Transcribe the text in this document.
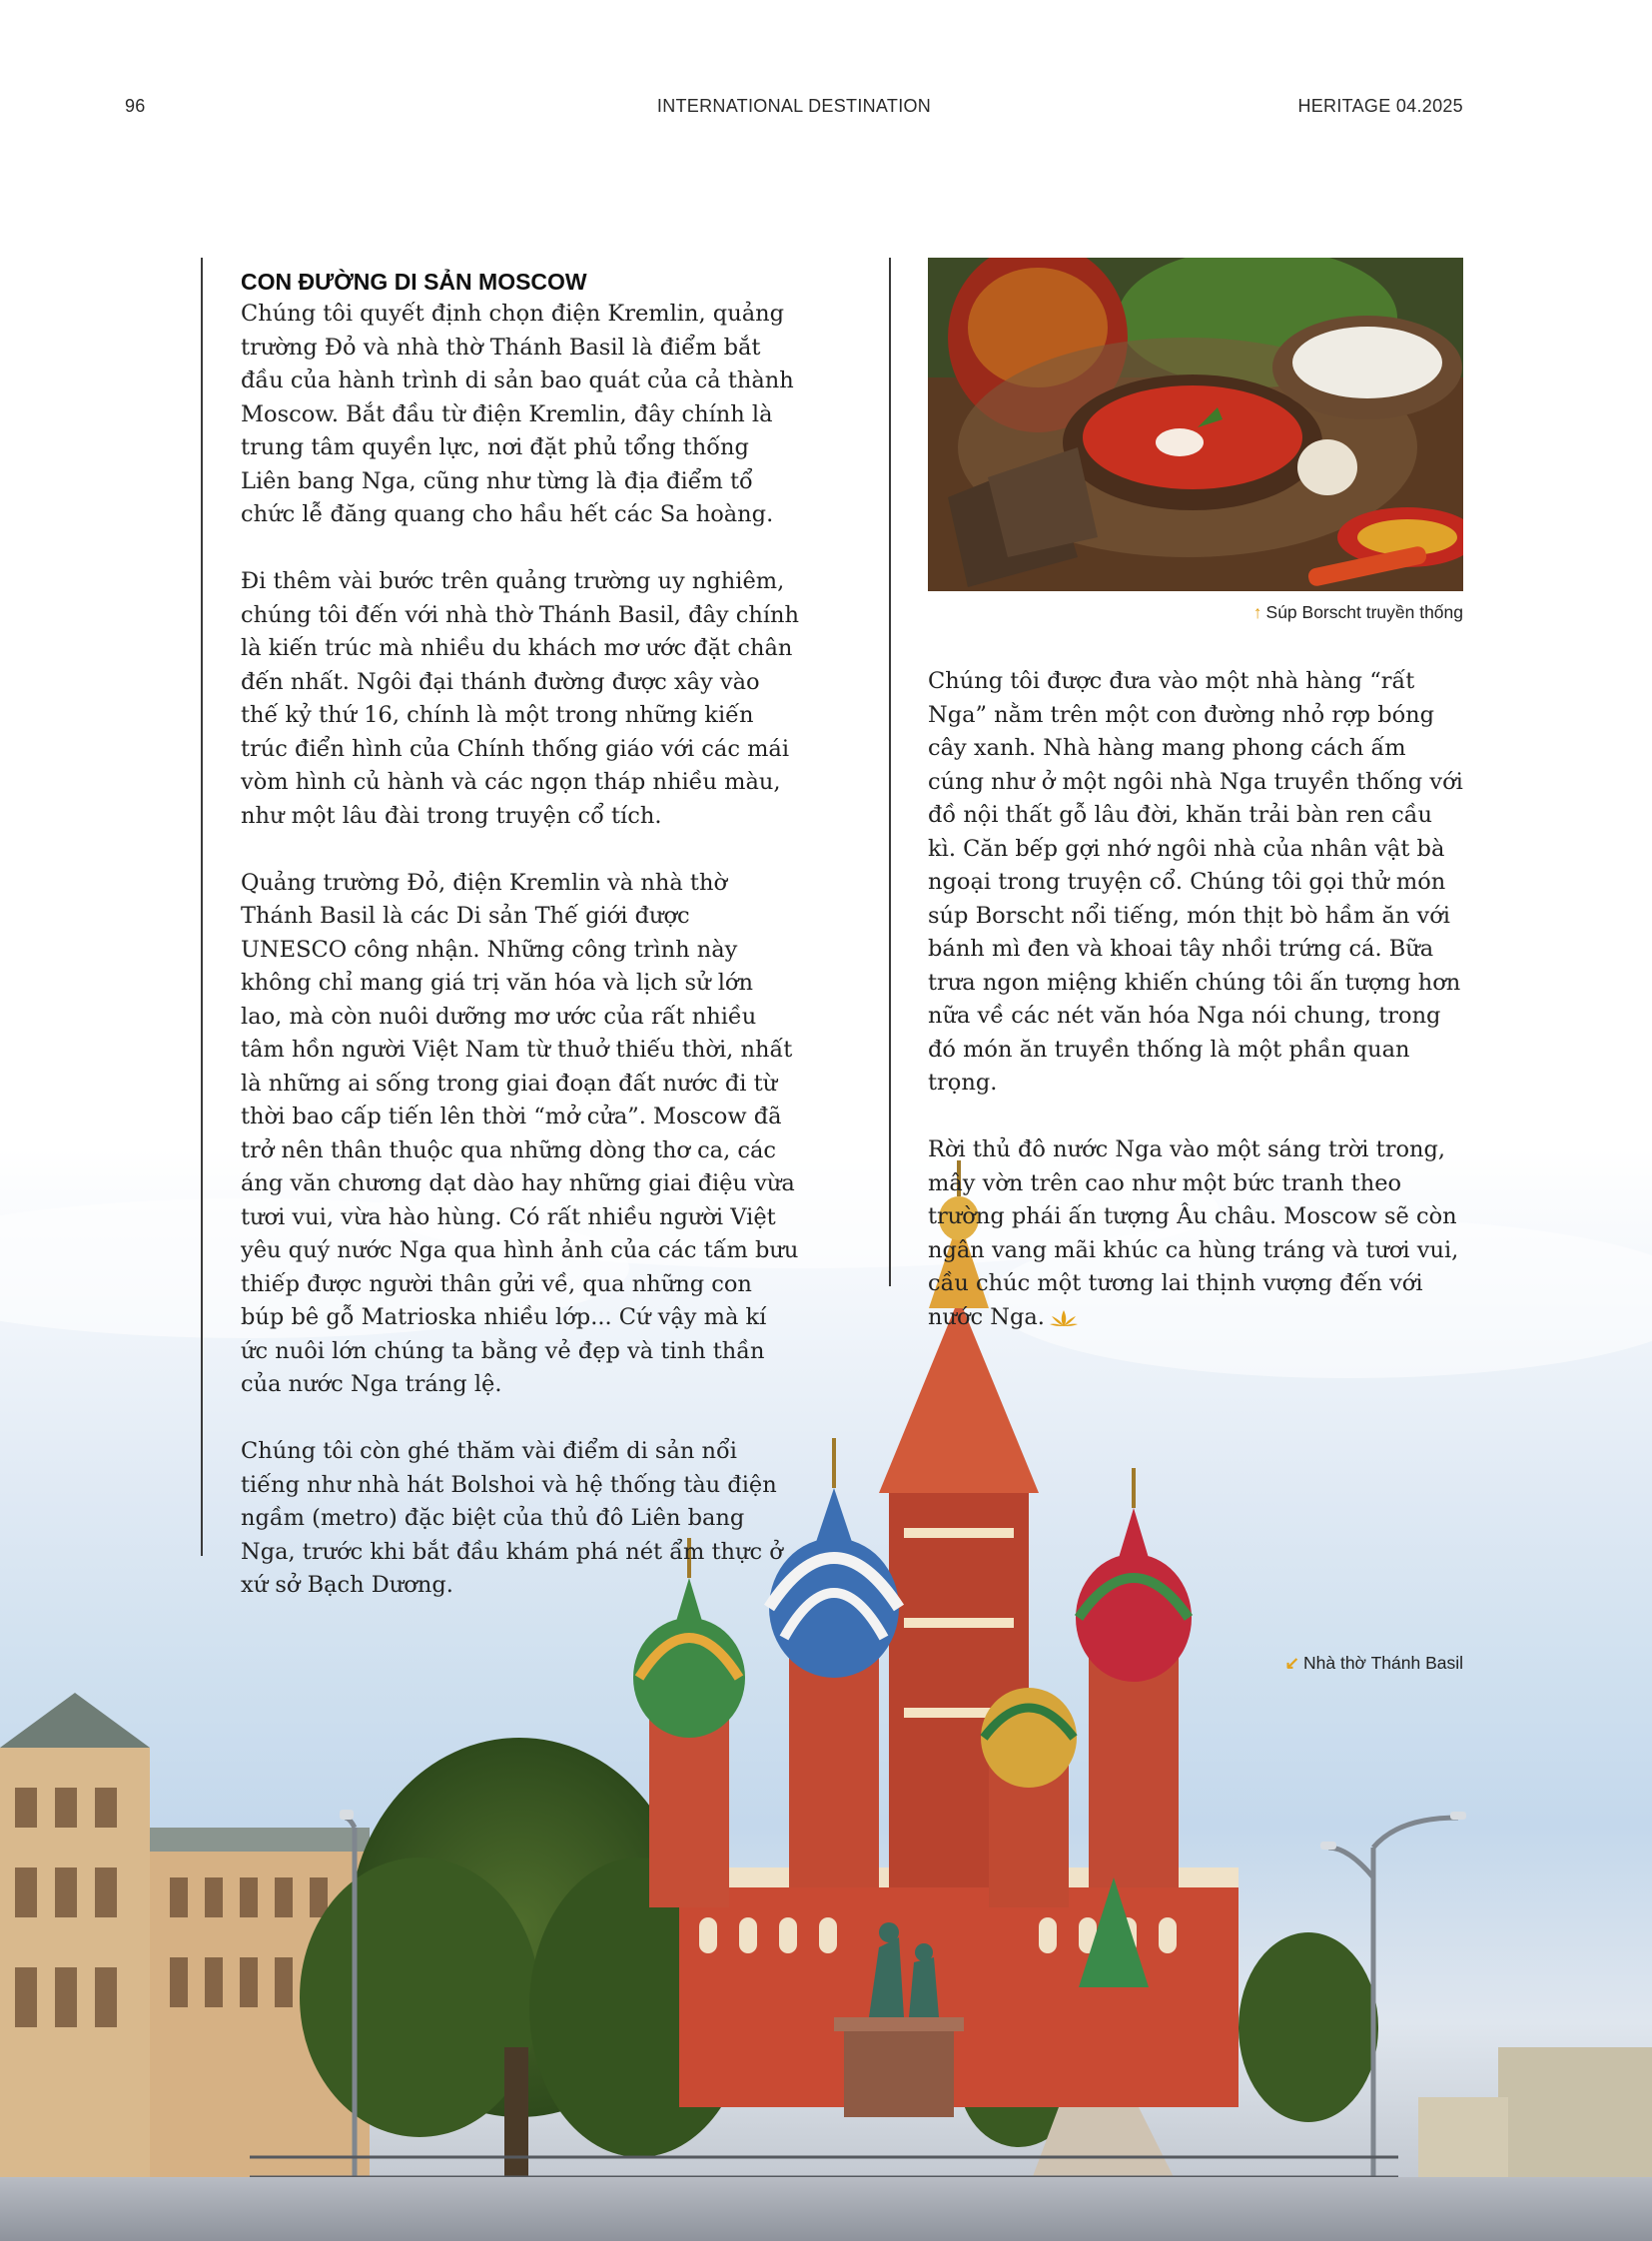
96	INTERNATIONAL DESTINATION	HERITAGE 04.2025
CON ĐƯỜNG DI SẢN MOSCOW

Chúng tôi quyết định chọn điện Kremlin, quảng trường Đỏ và nhà thờ Thánh Basil là điểm bắt đầu của hành trình di sản bao quát của cả thành Moscow. Bắt đầu từ điện Kremlin, đây chính là trung tâm quyền lực, nơi đặt phủ tổng thống Liên bang Nga, cũng như từng là địa điểm tổ chức lễ đăng quang cho hầu hết các Sa hoàng.

Đi thêm vài bước trên quảng trường uy nghiêm, chúng tôi đến với nhà thờ Thánh Basil, đây chính là kiến trúc mà nhiều du khách mơ ước đặt chân đến nhất. Ngôi đại thánh đường được xây vào thế kỷ thứ 16, chính là một trong những kiến trúc điển hình của Chính thống giáo với các mái vòm hình củ hành và các ngọn tháp nhiều màu, như một lâu đài trong truyện cổ tích.

Quảng trường Đỏ, điện Kremlin và nhà thờ Thánh Basil là các Di sản Thế giới được UNESCO công nhận. Những công trình này không chỉ mang giá trị văn hóa và lịch sử lớn lao, mà còn nuôi dưỡng mơ ước của rất nhiều tâm hồn người Việt Nam từ thuở thiếu thời, nhất là những ai sống trong giai đoạn đất nước đi từ thời bao cấp tiến lên thời “mở cửa”. Moscow đã trở nên thân thuộc qua những dòng thơ ca, các áng văn chương dạt dào hay những giai điệu vừa tươi vui, vừa hào hùng. Có rất nhiều người Việt yêu quý nước Nga qua hình ảnh của các tấm bưu thiếp được người thân gửi về, qua những con búp bê gỗ Matrioska nhiều lớp... Cứ vậy mà kí ức nuôi lớn chúng ta bằng vẻ đẹp và tinh thần của nước Nga tráng lệ.

Chúng tôi còn ghé thăm vài điểm di sản nổi tiếng như nhà hát Bolshoi và hệ thống tàu điện ngầm (metro) đặc biệt của thủ đô Liên bang Nga, trước khi bắt đầu khám phá nét ẩm thực ở xứ sở Bạch Dương.

↑ Súp Borscht truyền thống

Chúng tôi được đưa vào một nhà hàng “rất Nga” nằm trên một con đường nhỏ rợp bóng cây xanh. Nhà hàng mang phong cách ấm cúng như ở một ngôi nhà Nga truyền thống với đồ nội thất gỗ lâu đời, khăn trải bàn ren cầu kì. Căn bếp gợi nhớ ngôi nhà của nhân vật bà ngoại trong truyện cổ. Chúng tôi gọi thử món súp Borscht nổi tiếng, món thịt bò hầm ăn với bánh mì đen và khoai tây nhồi trứng cá. Bữa trưa ngon miệng khiến chúng tôi ấn tượng hơn nữa về các nét văn hóa Nga nói chung, trong đó món ăn truyền thống là một phần quan trọng.

Rời thủ đô nước Nga vào một sáng trời trong, mây vờn trên cao như một bức tranh theo trường phái ấn tượng Âu châu. Moscow sẽ còn ngân vang mãi khúc ca hùng tráng và tươi vui, cầu chúc một tương lai thịnh vượng đến với nước Nga.

↙ Nhà thờ Thánh Basil
